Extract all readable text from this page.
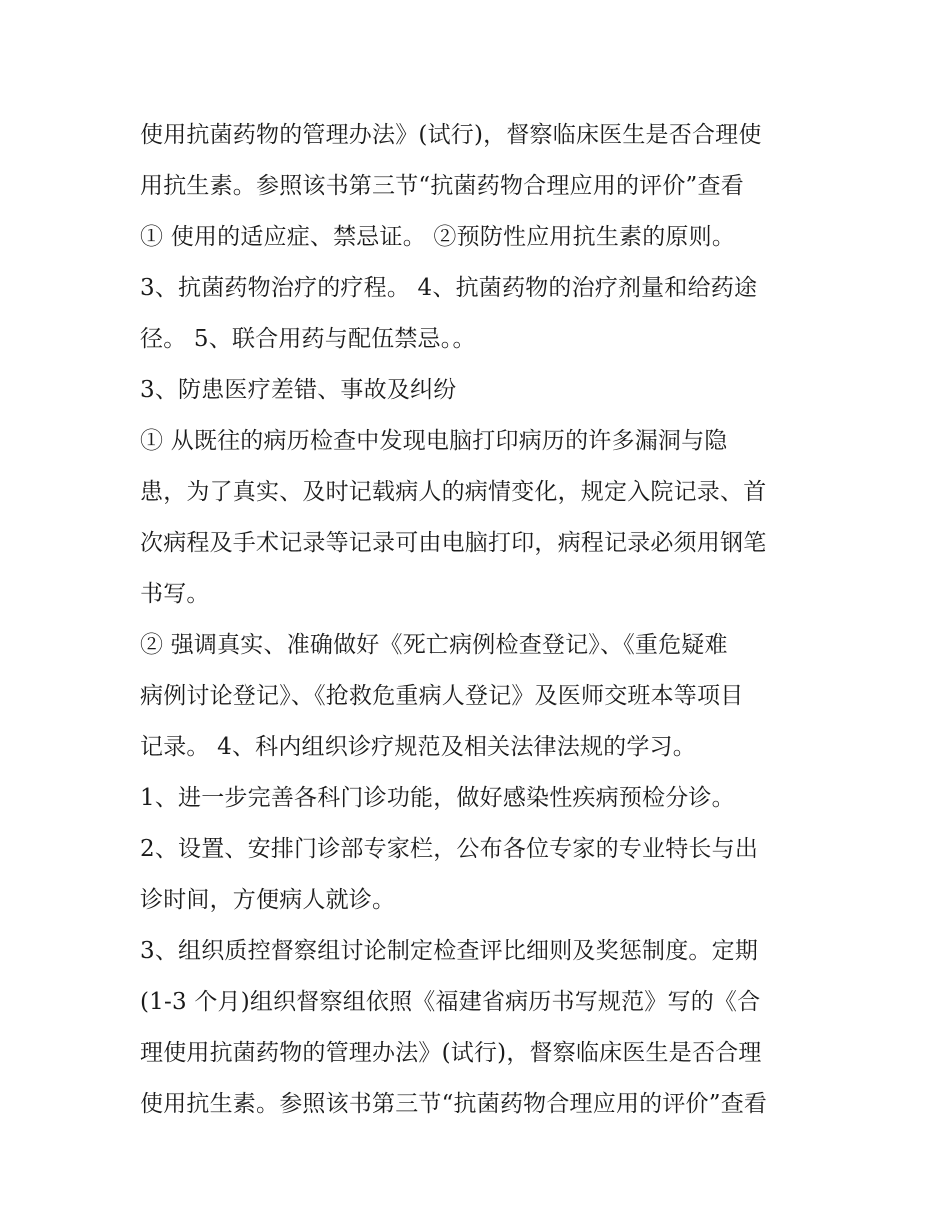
使用抗菌药物的管理办法》(试行)，督察临床医生是否合理使
用抗生素。参照该书第三节“抗菌药物合理应用的评价”查看
① 使用的适应症、禁忌证。 ②预防性应用抗生素的原则。
3、抗菌药物治疗的疗程。 4、抗菌药物的治疗剂量和给药途
径。 5、联合用药与配伍禁忌。。
3、防患医疗差错、事故及纠纷
① 从既往的病历检查中发现电脑打印病历的许多漏洞与隐
患，为了真实、及时记载病人的病情变化，规定入院记录、首
次病程及手术记录等记录可由电脑打印，病程记录必须用钢笔
书写。
② 强调真实、准确做好《死亡病例检查登记》、《重危疑难
病例讨论登记》、《抢救危重病人登记》及医师交班本等项目
记录。 4、科内组织诊疗规范及相关法律法规的学习。
1、进一步完善各科门诊功能，做好感染性疾病预检分诊。
2、设置、安排门诊部专家栏，公布各位专家的专业特长与出
诊时间，方便病人就诊。
3、组织质控督察组讨论制定检查评比细则及奖惩制度。定期
(1-3 个月)组织督察组依照《福建省病历书写规范》写的《合
理使用抗菌药物的管理办法》(试行)，督察临床医生是否合理
使用抗生素。参照该书第三节“抗菌药物合理应用的评价”查看
